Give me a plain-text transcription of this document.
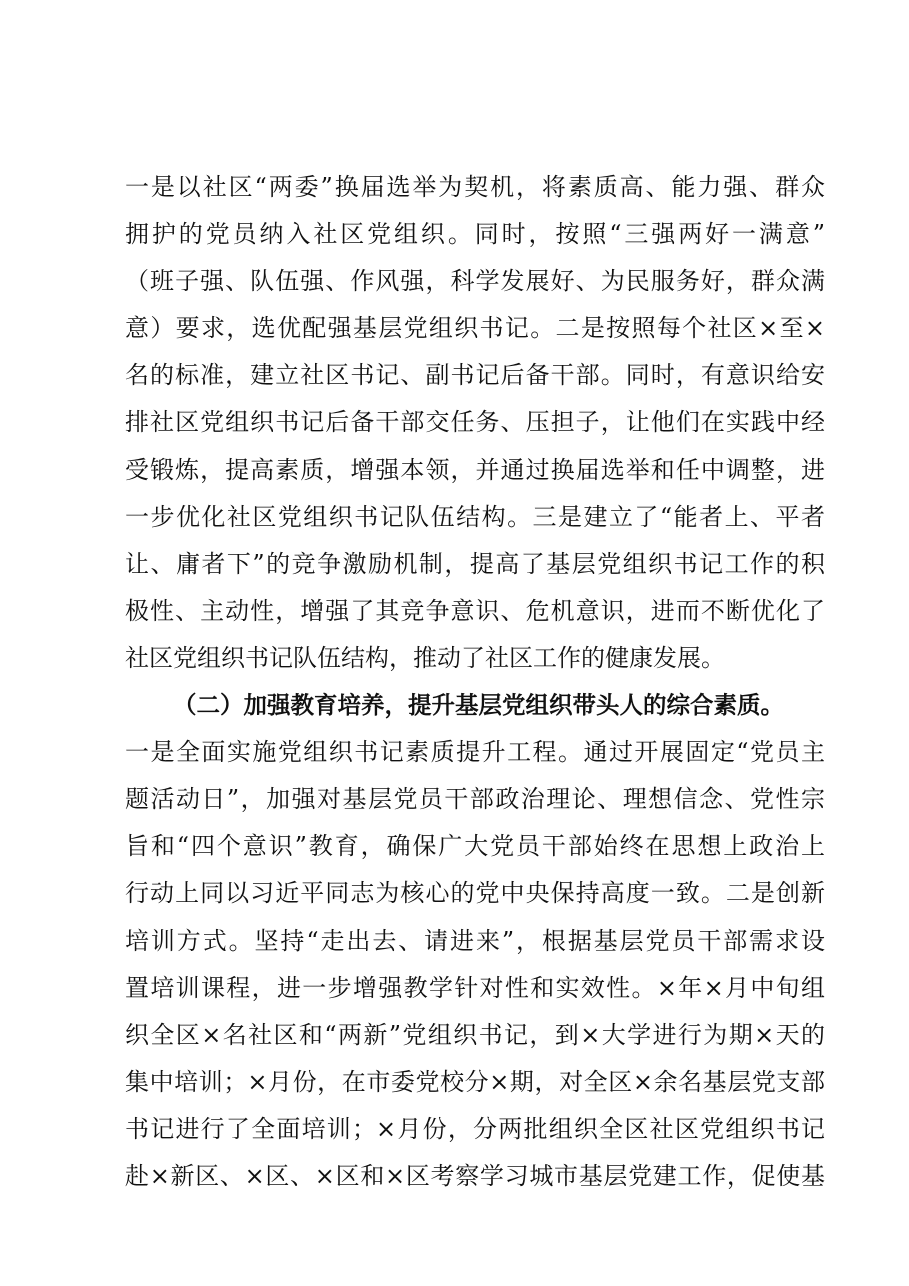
一是以社区“两委”换届选举为契机，将素质高、能力强、群众
拥护的党员纳入社区党组织。同时，按照“三强两好一满意”
（班子强、队伍强、作风强，科学发展好、为民服务好，群众满
意）要求，选优配强基层党组织书记。二是按照每个社区×至×
名的标准，建立社区书记、副书记后备干部。同时，有意识给安
排社区党组织书记后备干部交任务、压担子，让他们在实践中经
受锻炼，提高素质，增强本领，并通过换届选举和任中调整，进
一步优化社区党组织书记队伍结构。三是建立了“能者上、平者
让、庸者下”的竞争激励机制，提高了基层党组织书记工作的积
极性、主动性，增强了其竞争意识、危机意识，进而不断优化了
社区党组织书记队伍结构，推动了社区工作的健康发展。
（二）加强教育培养，提升基层党组织带头人的综合素质。
一是全面实施党组织书记素质提升工程。通过开展固定“党员主
题活动日”，加强对基层党员干部政治理论、理想信念、党性宗
旨和“四个意识”教育，确保广大党员干部始终在思想上政治上
行动上同以习近平同志为核心的党中央保持高度一致。二是创新
培训方式。坚持“走出去、请进来”，根据基层党员干部需求设
置培训课程，进一步增强教学针对性和实效性。×年×月中旬组
织全区×名社区和“两新”党组织书记，到×大学进行为期×天的
集中培训；×月份，在市委党校分×期，对全区×余名基层党支部
书记进行了全面培训；×月份，分两批组织全区社区党组织书记
赴×新区、×区、×区和×区考察学习城市基层党建工作，促使基
